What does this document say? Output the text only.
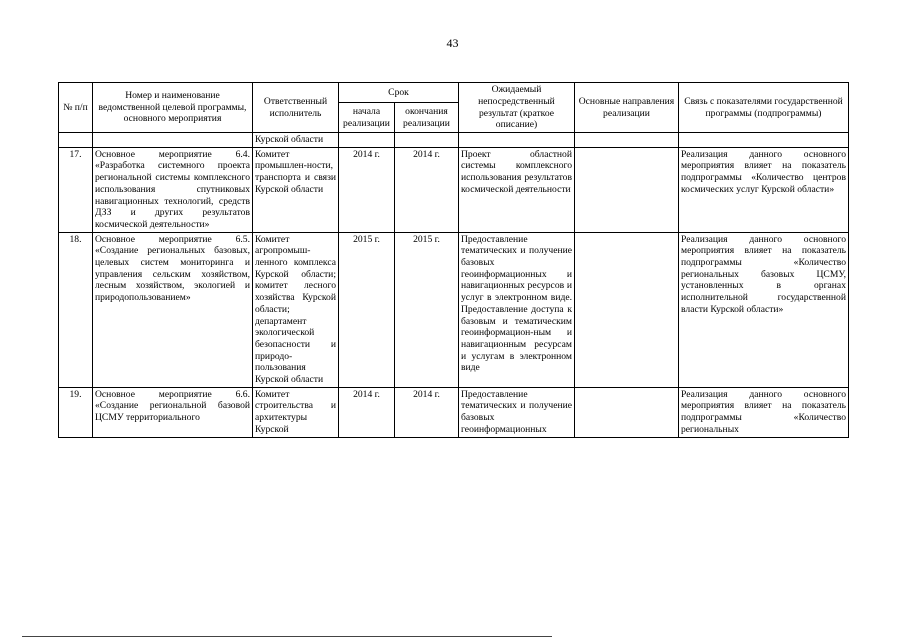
43
№ п/п	Номер и наименование ведомственной целевой программы, основного мероприятия	Ответственный исполнитель	Срок		Ожидаемый непосредственный результат (краткое описание)	Основные направления реализации	Связь с показателями государственной программы (подпрограммы)
			начала реализации	окончания реализации			
		Курской области					
17.	Основное мероприятие 6.4. «Разработка системного проекта региональной системы комплексного использования спутниковых навигационных технологий, средств ДЗЗ и других результатов космической деятельности»	Комитет промышлен-ности, транспорта и связи Курской области	2014 г.	2014 г.	Проект областной системы комплексного использования результатов космической деятельности		Реализация данного основного мероприятия влияет на показатель подпрограммы «Количество центров космических услуг Курской области»
18.	Основное мероприятие 6.5. «Создание региональных базовых, целевых систем мониторинга и управления сельским хозяйством, лесным хозяйством, экологией и природопользованием»	Комитет агропромыш-ленного комплекса Курской области; комитет лесного хозяйства Курской области; департамент экологической безопасности и природо-пользования Курской области	2015 г.	2015 г.	Предоставление тематических и получение базовых геоинформационных и навигационных ресурсов и услуг в электронном виде. Предоставление доступа к базовым и тематическим геоинформацион-ным и навигационным ресурсам и услугам в электронном виде		Реализация данного основного мероприятия влияет на показатель подпрограммы «Количество региональных базовых ЦСМУ, установленных в органах исполнительной государственной власти Курской области»
19.	Основное мероприятие 6.6. «Создание региональной базовой ЦСМУ территориального	Комитет строительства и архитектуры Курской	2014 г.	2014 г.	Предоставление тематических и получение базовых геоинформационных		Реализация данного основного мероприятия влияет на показатель подпрограммы «Количество региональных
